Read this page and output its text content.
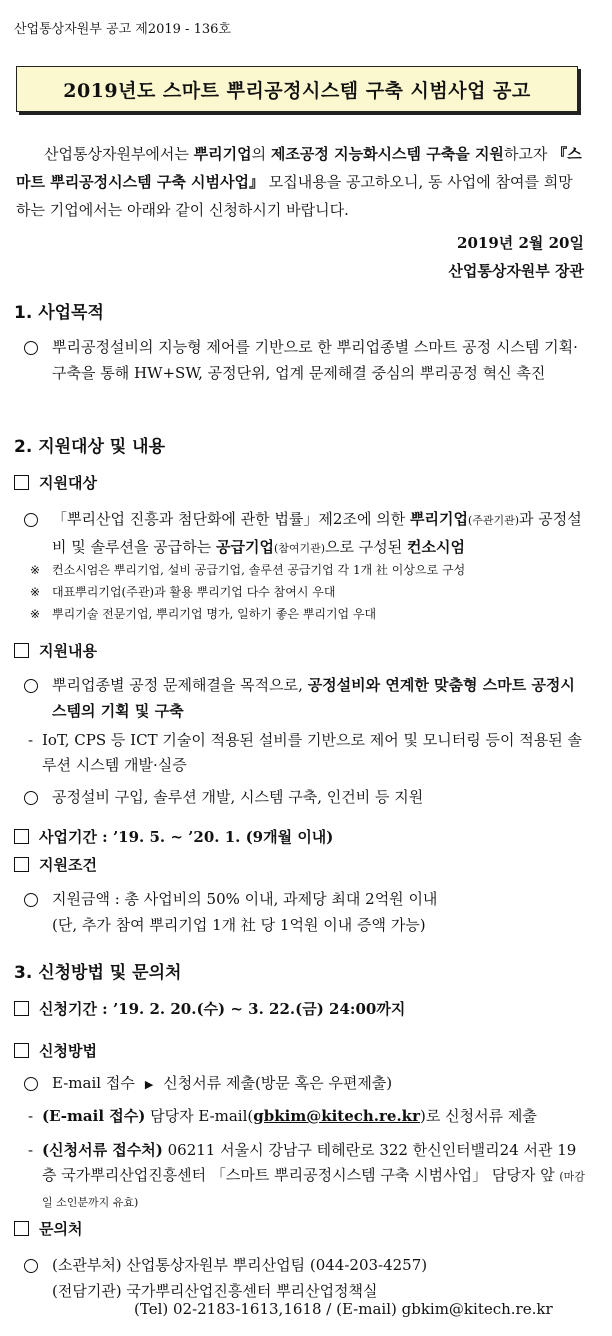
산업통상자원부 공고 제2019 - 136호
2019년도 스마트 뿌리공정시스템 구축 시범사업 공고
산업통상자원부에서는 뿌리기업의 제조공정 지능화시스템 구축을 지원하고자 『스마트 뿌리공정시스템 구축 시범사업』 모집내용을 공고하오니, 동 사업에 참여를 희망하는 기업에서는 아래와 같이 신청하시기 바랍니다.
2019년 2월 20일
산업통상자원부 장관
1. 사업목적
뿌리공정설비의 지능형 제어를 기반으로 한 뿌리업종별 스마트 공정 시스템 기획·구축을 통해 HW+SW, 공정단위, 업계 문제해결 중심의 뿌리공정 혁신 촉진
2. 지원대상 및 내용
지원대상
「뿌리산업 진흥과 첨단화에 관한 법률」제2조에 의한 뿌리기업(주관기관)과 공정설비 및 솔루션을 공급하는 공급기업(참여기관)으로 구성된 컨소시엄
※ 컨소시엄은 뿌리기업, 설비 공급기업, 솔루션 공급기업 각 1개 社 이상으로 구성
※ 대표뿌리기업(주관)과 활용 뿌리기업 다수 참여시 우대
※ 뿌리기술 전문기업, 뿌리기업 명가, 일하기 좋은 뿌리기업 우대
지원내용
뿌리업종별 공정 문제해결을 목적으로, 공정설비와 연계한 맞춤형 스마트 공정시스템의 기획 및 구축
- IoT, CPS 등 ICT 기술이 적용된 설비를 기반으로 제어 및 모니터링 등이 적용된 솔루션 시스템 개발·실증
공정설비 구입, 솔루션 개발, 시스템 구축, 인건비 등 지원
사업기간 : ’19. 5. ~ ’20. 1. (9개월 이내)
지원조건
지원금액 : 총 사업비의 50% 이내, 과제당 최대 2억원 이내
(단, 추가 참여 뿌리기업 1개 社 당 1억원 이내 증액 가능)
3. 신청방법 및 문의처
신청기간 : ’19. 2. 20.(수) ~ 3. 22.(금) 24:00까지
신청방법
E-mail 접수 ▶ 신청서류 제출(방문 혹은 우편제출)
- (E-mail 접수) 담당자 E-mail(gbkim@kitech.re.kr)로 신청서류 제출
- (신청서류 접수처) 06211 서울시 강남구 테헤란로 322 한신인터밸리24 서관 19층 국가뿌리산업진흥센터 「스마트 뿌리공정시스템 구축 시범사업」 담당자 앞 (마감일 소인분까지 유효)
문의처
(소관부처) 산업통상자원부 뿌리산업팀 (044-203-4257)
(전담기관) 국가뿌리산업진흥센터 뿌리산업정책실
(Tel) 02-2183-1613,1618 / (E-mail) gbkim@kitech.re.kr
